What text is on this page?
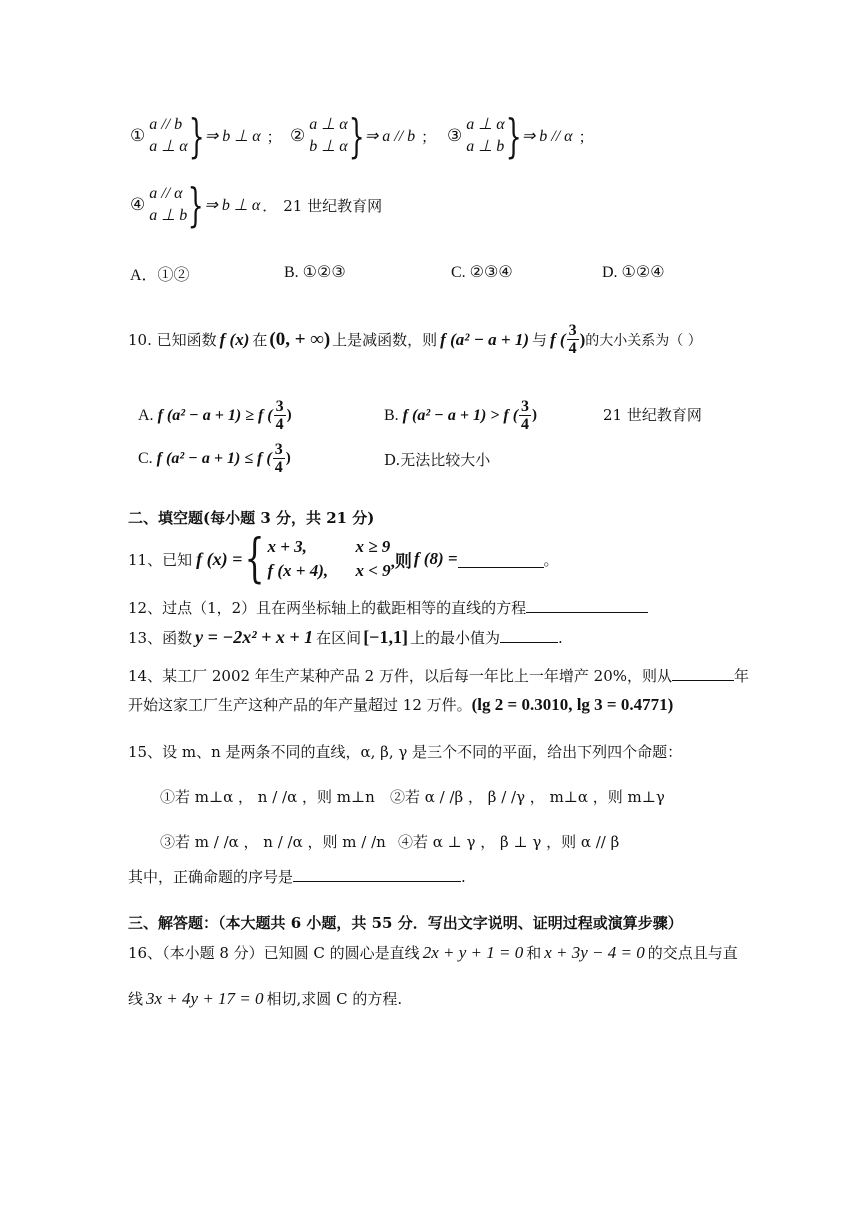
①
a // b
a ⊥ α } ⇒ b ⊥ α ； ②
a ⊥ α
b ⊥ α } ⇒ a // b ； ③
a ⊥ α
a ⊥ b } ⇒ b // α ；
④
a // α
a ⊥ b } ⇒ b ⊥ α ． 21 世纪教育网
A．①②	B. ①②③	C. ②③④	D. ①②④
10. 已知函数 f (x) 在 (0, + ∞) 上是减函数，则 f (a² − a + 1) 与 f ( $\frac{3}{4}$ ) 的大小关系为（ ）
A. f (a² − a + 1) ≥ f ( $\frac{3}{4}$ )	B. f (a² − a + 1) > f ( $\frac{3}{4}$ )	21 世纪教育网
C. f (a² − a + 1) ≤ f ( $\frac{3}{4}$ )	D.无法比较大小
二、填空题(每小题 3 分，共 21 分)
11、已知 f (x) = { x + 3,	x ≥ 9
f (x + 4),	x < 9 ,则 f (8) =	。
12、过点（1，2）且在两坐标轴上的截距相等的直线的方程
13、函数 y = −2x² + x + 1 在区间 [−1,1] 上的最小值为	.
14、某工厂 2002 年生产某种产品 2 万件，以后每一年比上一年增产 20%，则从	年
开始这家工厂生产这种产品的年产量超过 12 万件。 (lg 2 = 0.3010, lg 3 = 0.4771)
15、设 m、n 是两条不同的直线，α, β, γ 是三个不同的平面，给出下列四个命题：
①若 m⊥α ， n / /α ，则 m⊥n ②若 α / /β ， β / /γ ， m⊥α ，则 m⊥γ
③若 m / /α ， n / /α ，则 m / /n ④若 α ⊥ γ ， β ⊥ γ ，则 α // β
其中，正确命题的序号是	.
三、解答题：（本大题共 6 小题，共 55 分．写出文字说明、证明过程或演算步骤）
16、（本小题 8 分）已知圆 C 的圆心是直线 2x + y + 1 = 0 和 x + 3y − 4 = 0 的交点且与直
线 3x + 4y + 17 = 0 相切,求圆 C 的方程.
